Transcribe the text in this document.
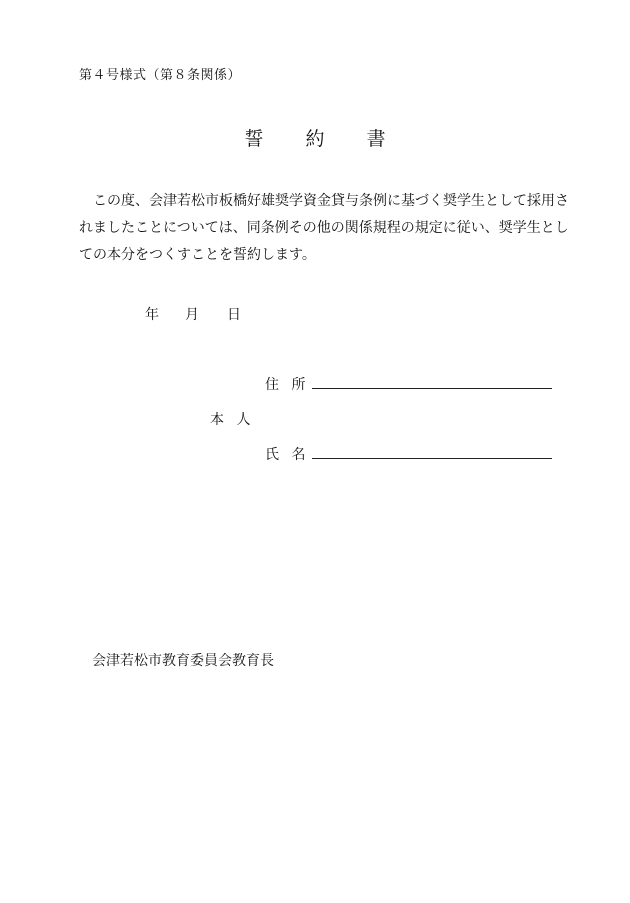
第４号様式（第８条関係）
誓 約 書

　この度、会津若松市板橋好雄奨学資金貸与条例に基づく奨学生として採用さ
れましたことについては、同条例その他の関係規程の規定に従い、奨学生とし
ての本分をつくすことを誓約します。

年 月 日
住 所
本 人
氏 名
会津若松市教育委員会教育長
